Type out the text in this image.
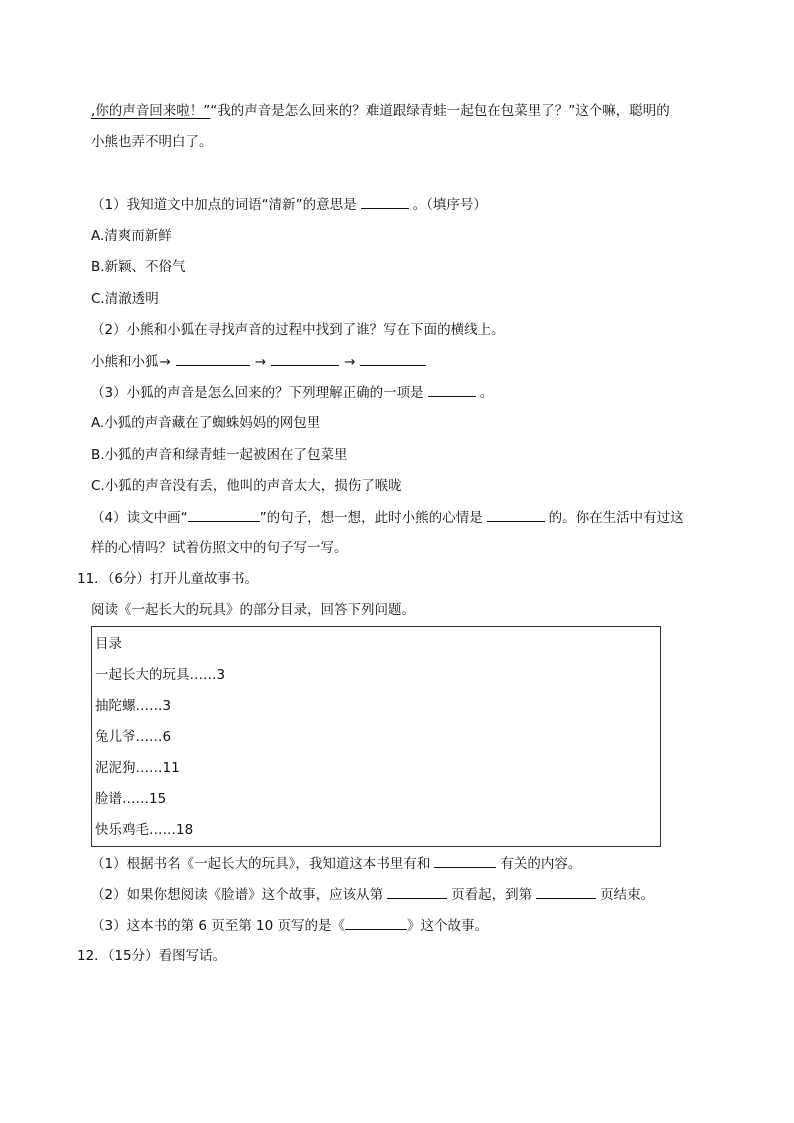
,你的声音回来啦！”“我的声音是怎么回来的？难道跟绿青蛙一起包在包菜里了？”这个嘛，聪明的
小熊也弄不明白了。
（1）我知道文中加点的词语“清新”的意思是	。（填序号）
A.清爽而新鲜
B.新颖、不俗气
C.清澈透明
（2）小熊和小狐在寻找声音的过程中找到了谁？写在下面的横线上。
小熊和小狐→	→	→
（3）小狐的声音是怎么回来的？下列理解正确的一项是	。
A.小狐的声音藏在了蜘蛛妈妈的网包里
B.小狐的声音和绿青蛙一起被困在了包菜里
C.小狐的声音没有丢，他叫的声音太大，损伤了喉咙
（4）读文中画“	”的句子，想一想，此时小熊的心情是	的。你在生活中有过这
样的心情吗？试着仿照文中的句子写一写。
11．（6分）打开儿童故事书。
阅读《一起长大的玩具》的部分目录，回答下列问题。
目录
一起长大的玩具……3
抽陀螺……3
兔儿爷……6
泥泥狗……11
脸谱……15
快乐鸡毛……18
（1）根据书名《一起长大的玩具》，我知道这本书里有和	有关的内容。
（2）如果你想阅读《脸谱》这个故事，应该从第	页看起，到第	页结束。
（3）这本书的第 6 页至第 10 页写的是《	》这个故事。
12．（15分）看图写话。
